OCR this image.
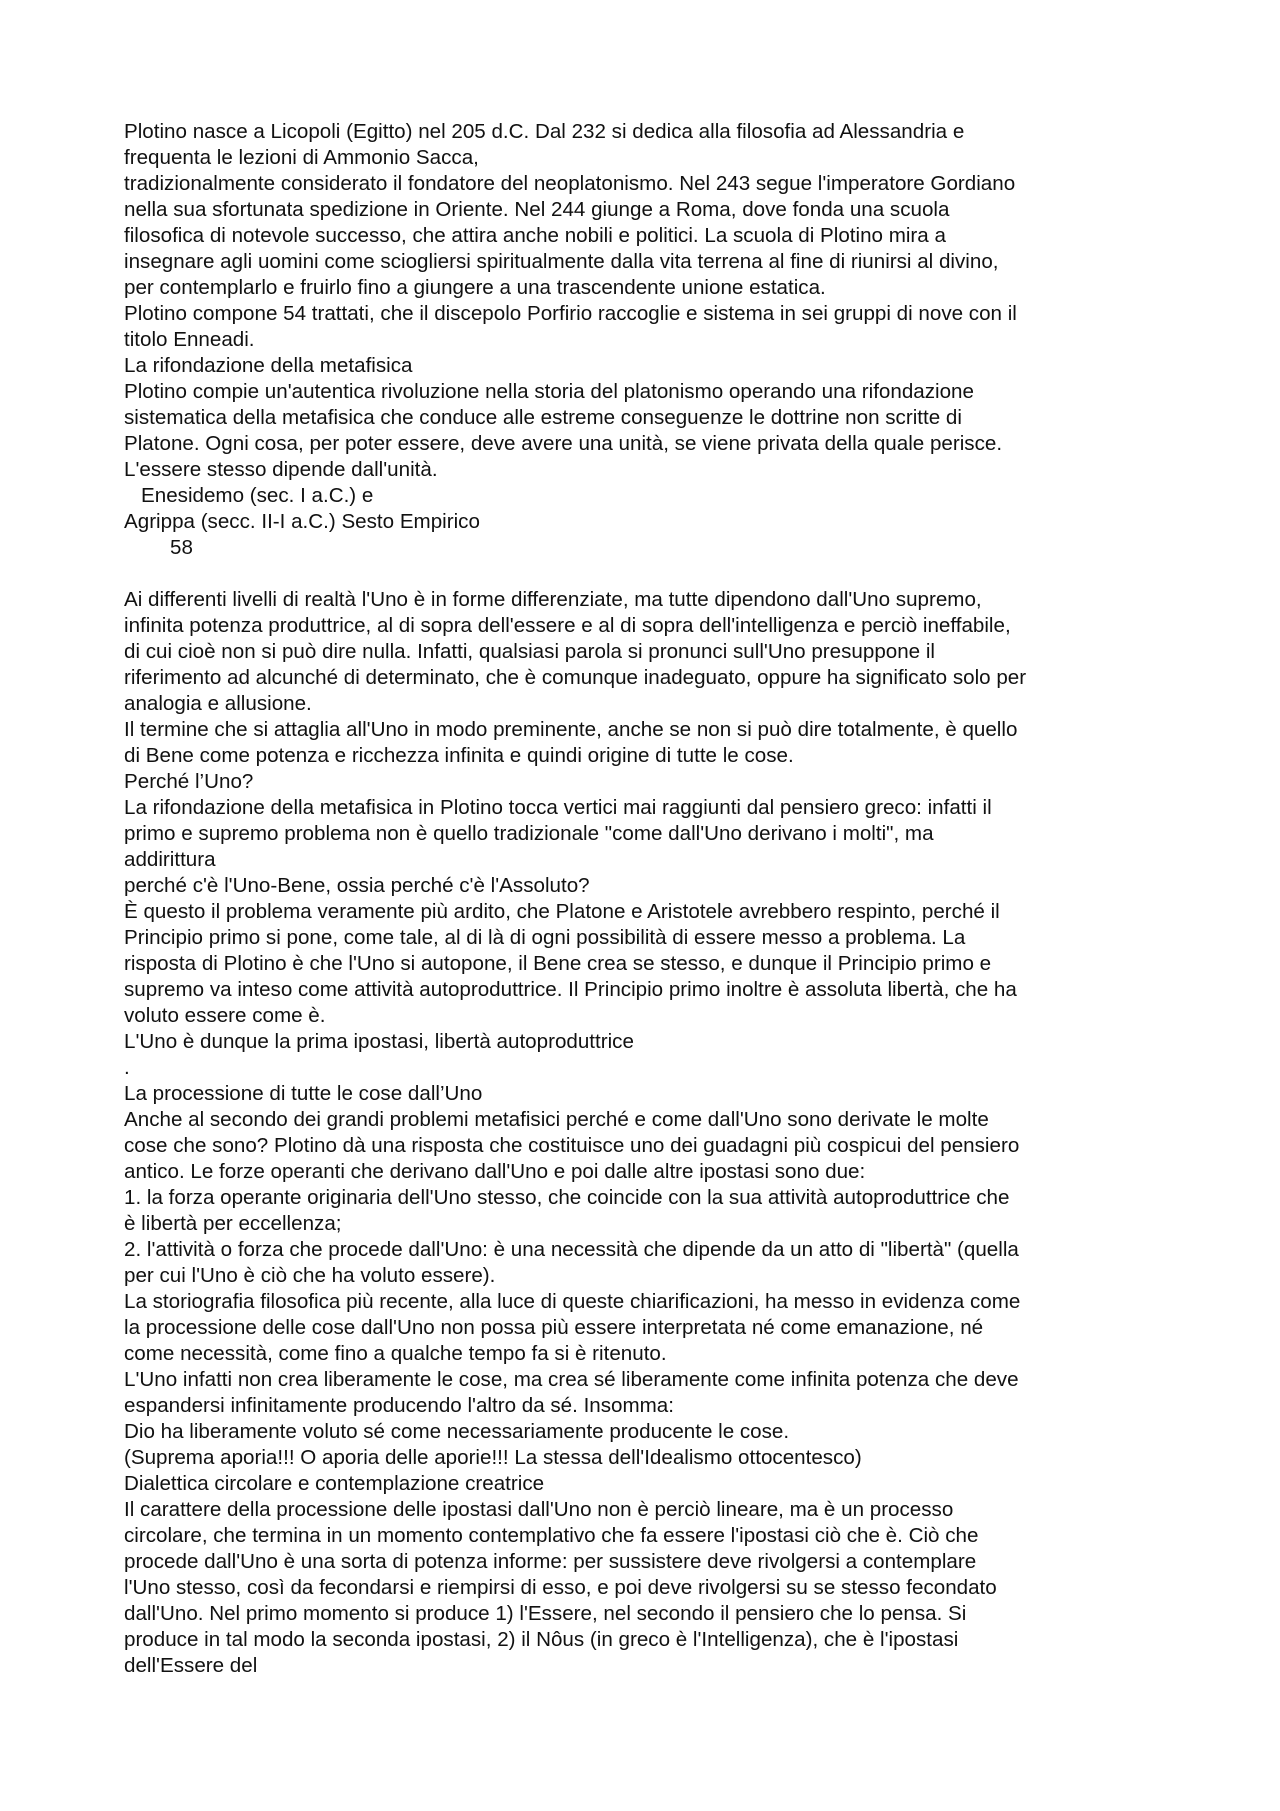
Plotino nasce a Licopoli (Egitto) nel 205 d.C. Dal 232 si dedica alla filosofia ad Alessandria e
frequenta le lezioni di Ammonio Sacca,
tradizionalmente considerato il fondatore del neoplatonismo. Nel 243 segue l'imperatore Gordiano
nella sua sfortunata spedizione in Oriente. Nel 244 giunge a Roma, dove fonda una scuola
filosofica di notevole successo, che attira anche nobili e politici. La scuola di Plotino mira a
insegnare agli uomini come sciogliersi spiritualmente dalla vita terrena al fine di riunirsi al divino,
per contemplarlo e fruirlo fino a giungere a una trascendente unione estatica.
Plotino compone 54 trattati, che il discepolo Porfirio raccoglie e sistema in sei gruppi di nove con il
titolo Enneadi.
La rifondazione della metafisica
Plotino compie un'autentica rivoluzione nella storia del platonismo operando una rifondazione
sistematica della metafisica che conduce alle estreme conseguenze le dottrine non scritte di
Platone. Ogni cosa, per poter essere, deve avere una unità, se viene privata della quale perisce.
L'essere stesso dipende dall'unità.
Enesidemo (sec. I a.C.) e
Agrippa (secc. II-I a.C.) Sesto Empirico
58
Ai differenti livelli di realtà l'Uno è in forme differenziate, ma tutte dipendono dall'Uno supremo,
infinita potenza produttrice, al di sopra dell'essere e al di sopra dell'intelligenza e perciò ineffabile,
di cui cioè non si può dire nulla. Infatti, qualsiasi parola si pronunci sull'Uno presuppone il
riferimento ad alcunché di determinato, che è comunque inadeguato, oppure ha significato solo per
analogia e allusione.
Il termine che si attaglia all'Uno in modo preminente, anche se non si può dire totalmente, è quello
di Bene come potenza e ricchezza infinita e quindi origine di tutte le cose.
Perché l’Uno?
La rifondazione della metafisica in Plotino tocca vertici mai raggiunti dal pensiero greco: infatti il
primo e supremo problema non è quello tradizionale "come dall'Uno derivano i molti", ma
addirittura
perché c'è l'Uno-Bene, ossia perché c'è l'Assoluto?
È questo il problema veramente più ardito, che Platone e Aristotele avrebbero respinto, perché il
Principio primo si pone, come tale, al di là di ogni possibilità di essere messo a problema. La
risposta di Plotino è che l'Uno si autopone, il Bene crea se stesso, e dunque il Principio primo e
supremo va inteso come attività autoproduttrice. Il Principio primo inoltre è assoluta libertà, che ha
voluto essere come è.
L'Uno è dunque la prima ipostasi, libertà autoproduttrice
.
La processione di tutte le cose dall’Uno
Anche al secondo dei grandi problemi metafisici perché e come dall'Uno sono derivate le molte
cose che sono? Plotino dà una risposta che costituisce uno dei guadagni più cospicui del pensiero
antico. Le forze operanti che derivano dall'Uno e poi dalle altre ipostasi sono due:
1. la forza operante originaria dell'Uno stesso, che coincide con la sua attività autoproduttrice che
è libertà per eccellenza;
2. l'attività o forza che procede dall'Uno: è una necessità che dipende da un atto di "libertà" (quella
per cui l'Uno è ciò che ha voluto essere).
La storiografia filosofica più recente, alla luce di queste chiarificazioni, ha messo in evidenza come
la processione delle cose dall'Uno non possa più essere interpretata né come emanazione, né
come necessità, come fino a qualche tempo fa si è ritenuto.
L'Uno infatti non crea liberamente le cose, ma crea sé liberamente come infinita potenza che deve
espandersi infinitamente producendo l'altro da sé. Insomma:
Dio ha liberamente voluto sé come necessariamente producente le cose.
(Suprema aporia!!! O aporia delle aporie!!! La stessa dell'Idealismo ottocentesco)
Dialettica circolare e contemplazione creatrice
Il carattere della processione delle ipostasi dall'Uno non è perciò lineare, ma è un processo
circolare, che termina in un momento contemplativo che fa essere l'ipostasi ciò che è. Ciò che
procede dall'Uno è una sorta di potenza informe: per sussistere deve rivolgersi a contemplare
l'Uno stesso, così da fecondarsi e riempirsi di esso, e poi deve rivolgersi su se stesso fecondato
dall'Uno. Nel primo momento si produce 1) l'Essere, nel secondo il pensiero che lo pensa. Si
produce in tal modo la seconda ipostasi, 2) il Nôus (in greco è l'Intelligenza), che è l'ipostasi
dell'Essere del
